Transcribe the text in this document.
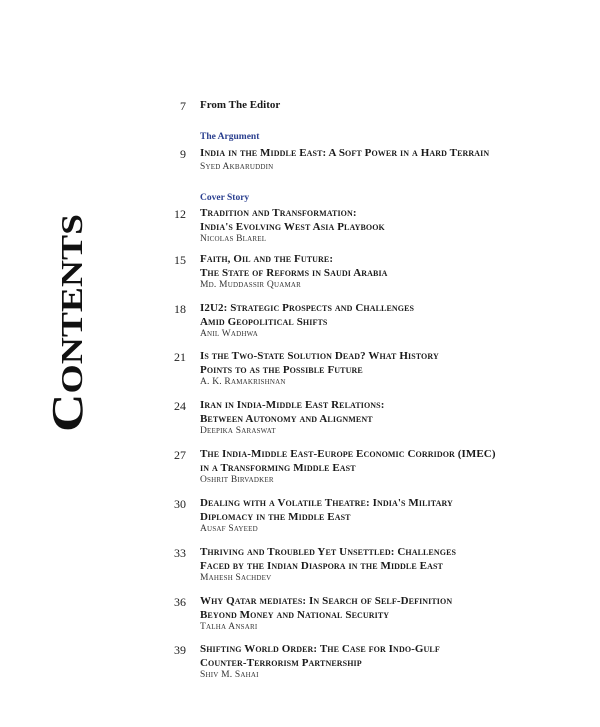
Contents
7 From The Editor
The Argument
9 India in the Middle East: A Soft Power in a Hard Terrain
Syed Akbaruddin
Cover Story
12 Tradition and Transformation:
India's Evolving West Asia Playbook
Nicolas Blarel
15 Faith, Oil and the Future:
The State of Reforms in Saudi Arabia
Md. Muddassir Quamar
18 I2U2: Strategic Prospects and Challenges
Amid Geopolitical Shifts
Anil Wadhwa
21 Is the Two-State Solution Dead? What History
Points to as the Possible Future
A. K. Ramakrishnan
24 Iran in India-Middle East Relations:
Between Autonomy and Alignment
Deepika Saraswat
27 The India-Middle East-Europe Economic Corridor (IMEC)
in a Transforming Middle East
Oshrit Birvadker
30 Dealing with a Volatile Theatre: India's Military
Diplomacy in the Middle East
Ausaf Sayeed
33 Thriving and Troubled Yet Unsettled: Challenges
Faced by the Indian Diaspora in the Middle East
Mahesh Sachdev
36 Why Qatar mediates: In Search of Self-Definition
Beyond Money and National Security
Talha Ansari
39 Shifting World Order: The Case for Indo-Gulf
Counter-Terrorism Partnership
Shiv M. Sahai
